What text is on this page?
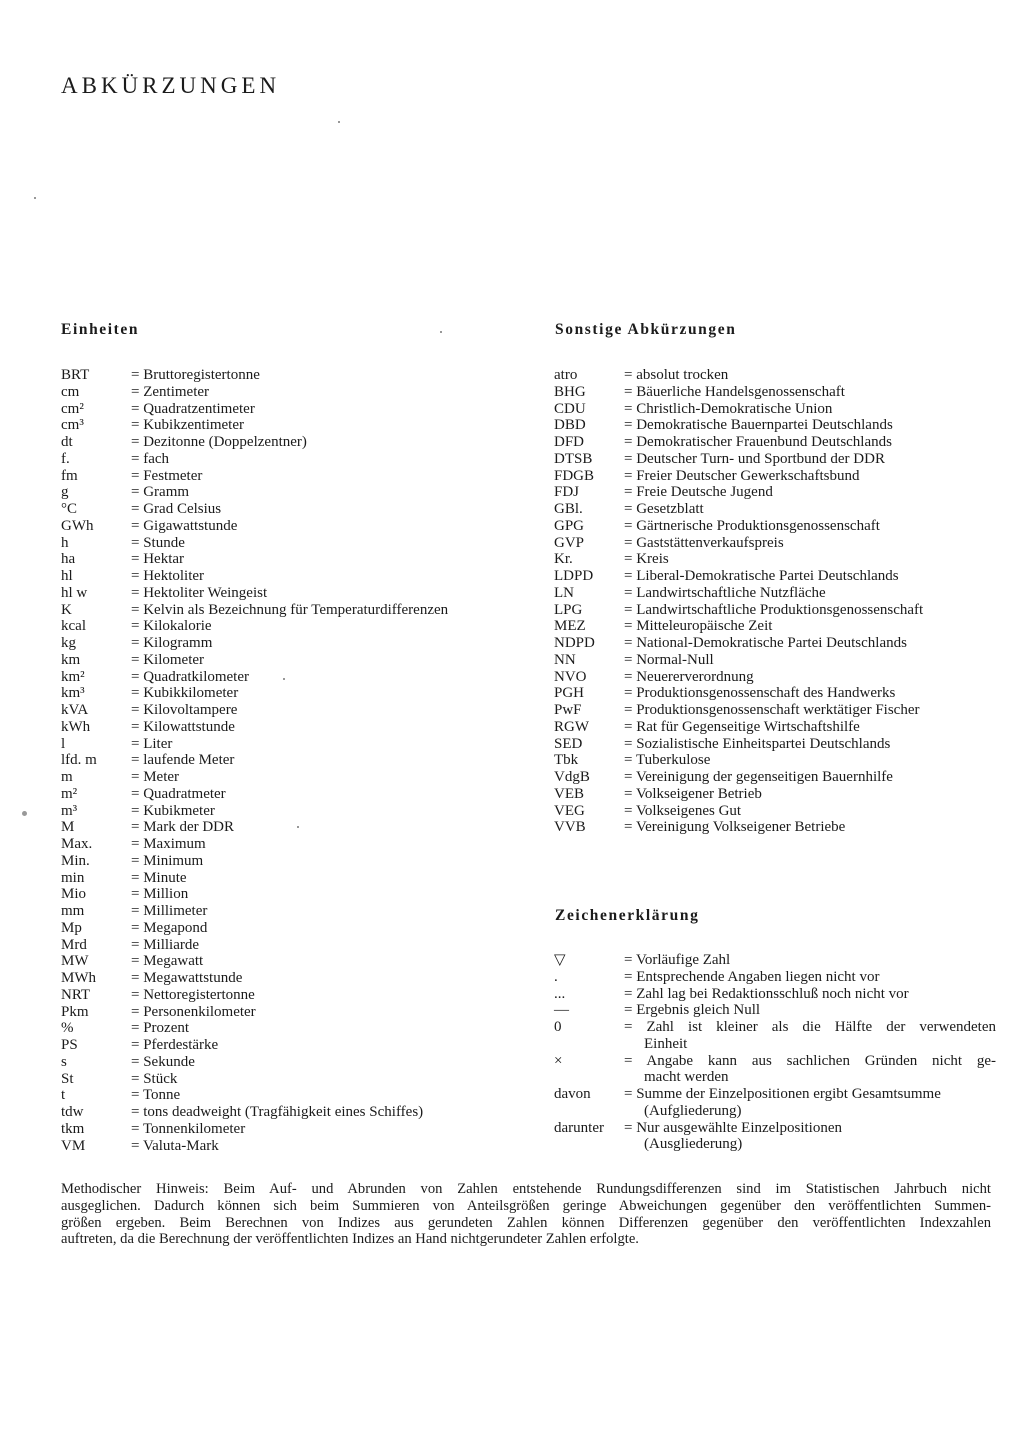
ABKÜRZUNGEN
Einheiten
BRT	= Bruttoregistertonne
cm	= Zentimeter
cm²	= Quadratzentimeter
cm³	= Kubikzentimeter
dt	= Dezitonne (Doppelzentner)
f.	= fach
fm	= Festmeter
g	= Gramm
°C	= Grad Celsius
GWh	= Gigawattstunde
h	= Stunde
ha	= Hektar
hl	= Hektoliter
hl w	= Hektoliter Weingeist
K	= Kelvin als Bezeichnung für Temperaturdifferenzen
kcal	= Kilokalorie
kg	= Kilogramm
km	= Kilometer
km²	= Quadratkilometer
km³	= Kubikkilometer
kVA	= Kilovoltampere
kWh	= Kilowattstunde
l	= Liter
lfd. m = laufende Meter
m	= Meter
m²	= Quadratmeter
m³	= Kubikmeter
M	= Mark der DDR
Max.	= Maximum
Min.	= Minimum
min	= Minute
Mio	= Million
mm	= Millimeter
Mp	= Megapond
Mrd	= Milliarde
MW	= Megawatt
MWh = Megawattstunde
NRT	= Nettoregistertonne
Pkm	= Personenkilometer
%	= Prozent
PS	= Pferdestärke
s	= Sekunde
St	= Stück
t	= Tonne
tdw	= tons deadweight (Tragfähigkeit eines Schiffes)
tkm	= Tonnenkilometer
VM	= Valuta-Mark
Sonstige Abkürzungen
atro	= absolut trocken
BHG	= Bäuerliche Handelsgenossenschaft
CDU	= Christlich-Demokratische Union
DBD	= Demokratische Bauernpartei Deutschlands
DFD	= Demokratischer Frauenbund Deutschlands
DTSB = Deutscher Turn- und Sportbund der DDR
FDGB = Freier Deutscher Gewerkschaftsbund
FDJ	= Freie Deutsche Jugend
GBl.	= Gesetzblatt
GPG	= Gärtnerische Produktionsgenossenschaft
GVP	= Gaststättenverkaufspreis
Kr.	= Kreis
LDPD = Liberal-Demokratische Partei Deutschlands
LN	= Landwirtschaftliche Nutzfläche
LPG	= Landwirtschaftliche Produktionsgenossenschaft
MEZ	= Mitteleuropäische Zeit
NDPD = National-Demokratische Partei Deutschlands
NN	= Normal-Null
NVO	= Neuererverordnung
PGH	= Produktionsgenossenschaft des Handwerks
PwF	= Produktionsgenossenschaft werktätiger Fischer
RGW = Rat für Gegenseitige Wirtschaftshilfe
SED	= Sozialistische Einheitspartei Deutschlands
Tbk	= Tuberkulose
VdgB = Vereinigung der gegenseitigen Bauernhilfe
VEB	= Volkseigener Betrieb
VEG	= Volkseigenes Gut
VVB	= Vereinigung Volkseigener Betriebe
Zeichenerklärung
▽	= Vorläufige Zahl
.	= Entsprechende Angaben liegen nicht vor
...	= Zahl lag bei Redaktionsschluß noch nicht vor
—	= Ergebnis gleich Null
0	= Zahl ist kleiner als die Hälfte der verwendeten
Einheit
×	= Angabe kann aus sachlichen Gründen nicht ge-
macht werden
davon = Summe der Einzelpositionen ergibt Gesamtsumme
(Aufgliederung)
darunter = Nur ausgewählte Einzelpositionen
(Ausgliederung)
Methodischer Hinweis: Beim Auf- und Abrunden von Zahlen entstehende Rundungsdifferenzen sind im Statistischen Jahrbuch nicht
ausgeglichen. Dadurch können sich beim Summieren von Anteilsgrößen geringe Abweichungen gegenüber den veröffentlichten Summen-
größen ergeben. Beim Berechnen von Indizes aus gerundeten Zahlen können Differenzen gegenüber den veröffentlichten Indexzahlen
auftreten, da die Berechnung der veröffentlichten Indizes an Hand nichtgerundeter Zahlen erfolgte.
